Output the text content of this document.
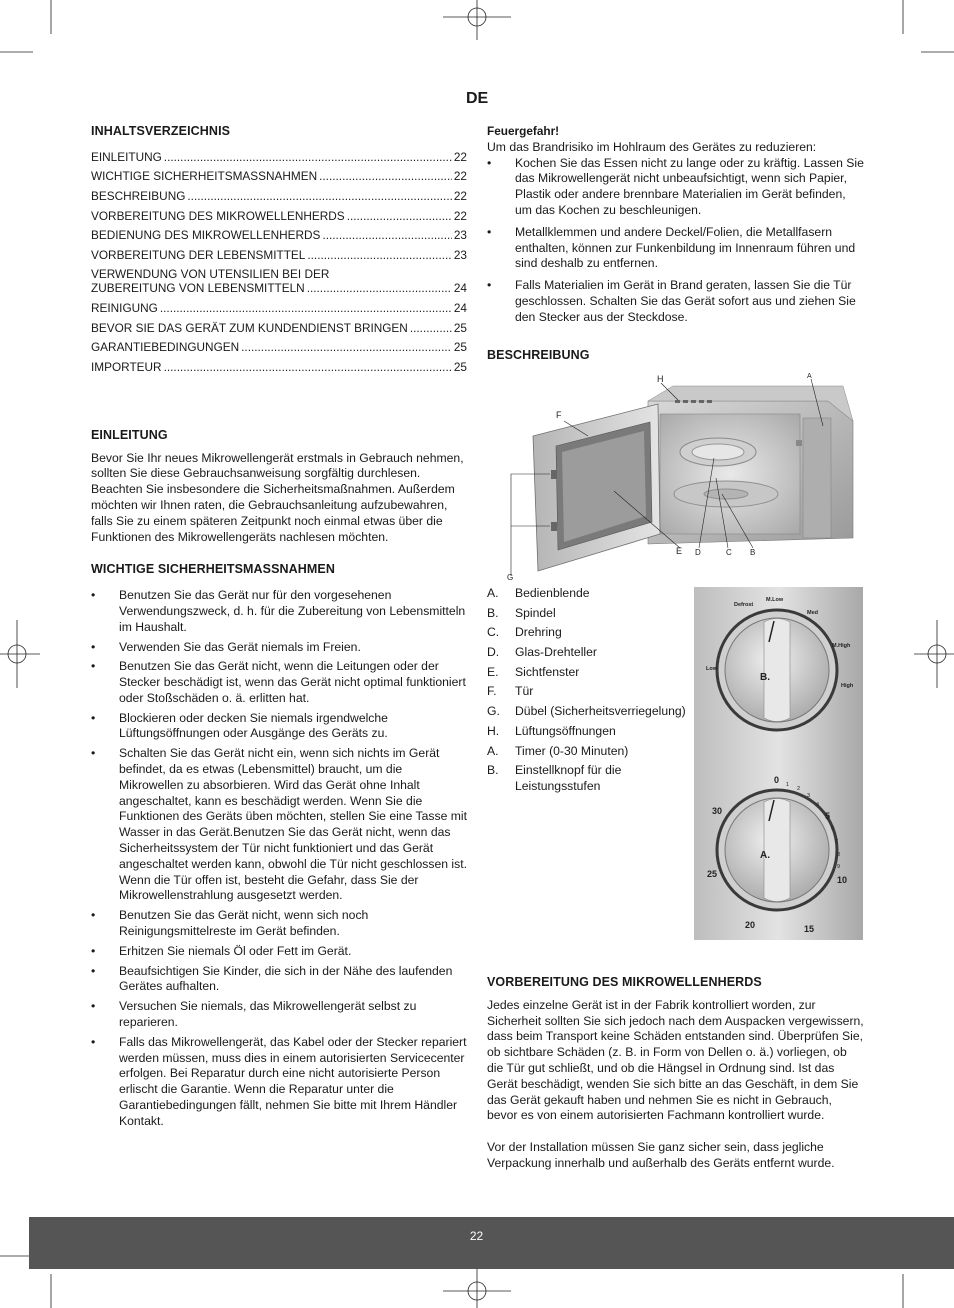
DE
INHALTSVERZEICHNIS
EINLEITUNG .....	22
WICHTIGE SICHERHEITSMASSNAHMEN .....	22
BESCHREIBUNG .....	22
VORBEREITUNG DES MIKROWELLENHERDS .....	22
BEDIENUNG DES MIKROWELLENHERDS .....	23
VORBEREITUNG DER LEBENSMITTEL .....	23
VERWENDUNG VON UTENSILIEN BEI DER
ZUBEREITUNG VON LEBENSMITTELN .....	24
REINIGUNG .....	24
BEVOR SIE DAS GERÄT ZUM KUNDENDIENST BRINGEN .....	25
GARANTIEBEDINGUNGEN .....	25
IMPORTEUR .....	25
EINLEITUNG

Bevor Sie Ihr neues Mikrowellengerät erstmals in Gebrauch nehmen, sollten Sie diese Gebrauchsanweisung sorgfältig durchlesen. Beachten Sie insbesondere die Sicherheitsmaßnahmen. Außerdem möchten wir Ihnen raten, die Gebrauchsanleitung aufzubewahren, falls Sie zu einem späteren Zeitpunkt noch einmal etwas über die Funktionen des Mikrowellengeräts nachlesen möchten.

WICHTIGE SICHERHEITSMASSNAHMEN
• Benutzen Sie das Gerät nur für den vorgesehenen Verwendungszweck, d. h. für die Zubereitung von Lebensmitteln im Haushalt.
• Verwenden Sie das Gerät niemals im Freien.
• Benutzen Sie das Gerät nicht, wenn die Leitungen oder der Stecker beschädigt ist, wenn das Gerät nicht optimal funktioniert oder Stoßschäden o. ä. erlitten hat.
• Blockieren oder decken Sie niemals irgendwelche Lüftungsöffnungen oder Ausgänge des Geräts zu.
• Schalten Sie das Gerät nicht ein, wenn sich nichts im Gerät befindet, da es etwas (Lebensmittel) braucht, um die Mikrowellen zu absorbieren. Wird das Gerät ohne Inhalt angeschaltet, kann es beschädigt werden. Wenn Sie die Funktionen des Geräts üben möchten, stellen Sie eine Tasse mit Wasser in das Gerät.Benutzen Sie das Gerät nicht, wenn das Sicherheitssystem der Tür nicht funktioniert und das Gerät angeschaltet werden kann, obwohl die Tür nicht geschlossen ist. Wenn die Tür offen ist, besteht die Gefahr, dass Sie der Mikrowellenstrahlung ausgesetzt werden.
• Benutzen Sie das Gerät nicht, wenn sich noch Reinigungsmittelreste im Gerät befinden.
• Erhitzen Sie niemals Öl oder Fett im Gerät.
• Beaufsichtigen Sie Kinder, die sich in der Nähe des laufenden Gerätes aufhalten.
• Versuchen Sie niemals, das Mikrowellengerät selbst zu reparieren.
• Falls das Mikrowellengerät, das Kabel oder der Stecker repariert werden müssen, muss dies in einem autorisierten Servicecenter erfolgen. Bei Reparatur durch eine nicht autorisierte Person erlischt die Garantie. Wenn die Reparatur unter die Garantiebedingungen fällt, nehmen Sie bitte mit Ihrem Händler Kontakt.
Feuergefahr!

Um das Brandrisiko im Hohlraum des Gerätes zu reduzieren:

• Kochen Sie das Essen nicht zu lange oder zu kräftig. Lassen Sie das Mikrowellengerät nicht unbeaufsichtigt, wenn sich Papier, Plastik oder andere brennbare Materialien im Gerät befinden, um das Kochen zu beschleunigen.
• Metallklemmen und andere Deckel/Folien, die Metallfasern enthalten, können zur Funkenbildung im Innenraum führen und sind deshalb zu entfernen.
• Falls Materialien im Gerät in Brand geraten, lassen Sie die Tür geschlossen. Schalten Sie das Gerät sofort aus und ziehen Sie den Stecker aus der Steckdose.
BESCHREIBUNG
H	A
F
E D	C B
G
A.	Bedienblende
B.	Spindel
C.	Drehring
D.	Glas-Drehteller
E.	Sichtfenster
F.	Tür
G.	Dübel (Sicherheitsverriegelung)
H.	Lüftungsöffnungen
A.	Timer (0-30 Minuten)
B.	Einstellknopf für die Leistungsstufen
Defrost
M.Low
Med
M.High
Low
High
B.
0
5
10
15
20
25
30
1
2
3
4
6
7
8
9
A.
VORBEREITUNG DES MIKROWELLENHERDS

Jedes einzelne Gerät ist in der Fabrik kontrolliert worden, zur Sicherheit sollten Sie sich jedoch nach dem Auspacken vergewissern, dass beim Transport keine Schäden entstanden sind. Überprüfen Sie, ob sichtbare Schäden (z. B. in Form von Dellen o. ä.) vorliegen, ob die Tür gut schließt, und ob die Hängsel in Ordnung sind. Ist das Gerät beschädigt, wenden Sie sich bitte an das Geschäft, in dem Sie das Gerät gekauft haben und nehmen Sie es nicht in Gebrauch, bevor es von einem autorisierten Fachmann kontrolliert wurde.

Vor der Installation müssen Sie ganz sicher sein, dass jegliche Verpackung innerhalb und außerhalb des Geräts entfernt wurde.

22
